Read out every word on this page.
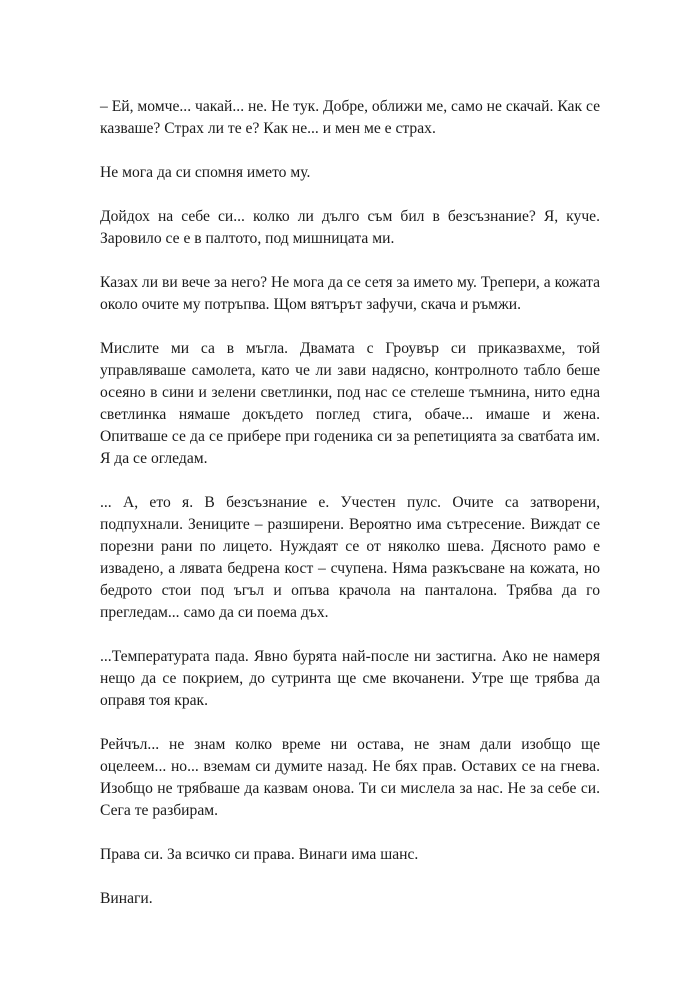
– Ей, момче... чакай... не. Не тук. Добре, оближи ме, само не скачай. Как се казваше? Страх ли те е? Как не... и мен ме е страх.

Не мога да си спомня името му.

Дойдох на себе си... колко ли дълго съм бил в безсъзнание? Я, куче. Заровило се е в палтото, под мишницата ми.

Казах ли ви вече за него? Не мога да се сетя за името му. Трепери, а кожата около очите му потръпва. Щом вятърът зафучи, скача и ръмжи.

Мислите ми са в мъгла. Двамата с Гроувър си приказвахме, той управляваше самолета, като че ли зави надясно, контролното табло беше осеяно в сини и зелени светлинки, под нас се стелеше тъмнина, нито една светлинка нямаше докъдето поглед стига, обаче... имаше и жена. Опитваше се да се прибере при годеника си за репетицията за сватбата им. Я да се огледам.

... А, ето я. В безсъзнание е. Учестен пулс. Очите са затворени, подпухнали. Зениците – разширени. Вероятно има сътресение. Виждат се порезни рани по лицето. Нуждаят се от няколко шева. Дясното рамо е извадено, а лявата бедрена кост – счупена. Няма разкъсване на кожата, но бедрото стои под ъгъл и опъва крачола на панталона. Трябва да го прегледам... само да си поема дъх.

...Температурата пада. Явно бурята най-после ни застигна. Ако не намеря нещо да се покрием, до сутринта ще сме вкочанени. Утре ще трябва да оправя тоя крак.

Рейчъл... не знам колко време ни остава, не знам дали изобщо ще оцелеем... но... вземам си думите назад. Не бях прав. Оставих се на гнева. Изобщо не трябваше да казвам онова. Ти си мислела за нас. Не за себе си. Сега те разбирам.

Права си. За всичко си права. Винаги има шанс.

Винаги.
